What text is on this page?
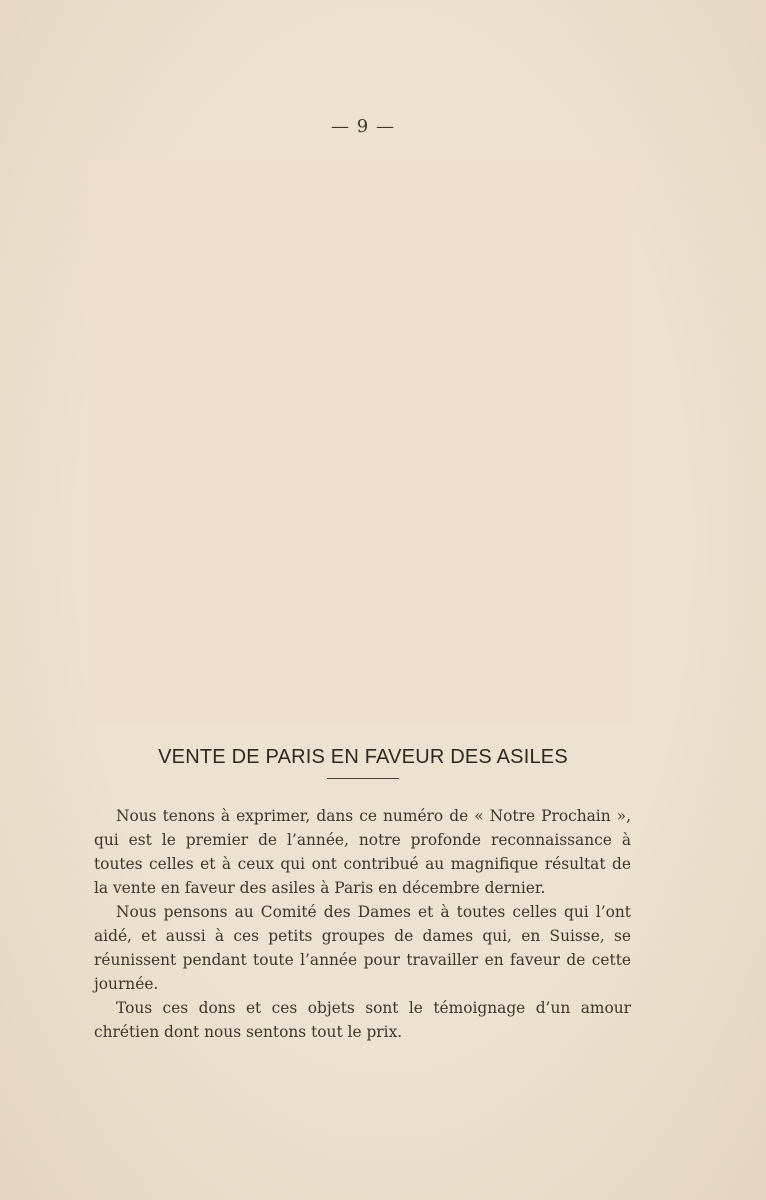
— 9 —
VENTE DE PARIS EN FAVEUR DES ASILES

Nous tenons à exprimer, dans ce numéro de « Notre Prochain », qui est le premier de l’année, notre profonde reconnaissance à toutes celles et à ceux qui ont contribué au magnifique résultat de la vente en faveur des asiles à Paris en décembre dernier.

Nous pensons au Comité des Dames et à toutes celles qui l’ont aidé, et aussi à ces petits groupes de dames qui, en Suisse, se réunissent pendant toute l’année pour travailler en faveur de cette journée.

Tous ces dons et ces objets sont le témoignage d’un amour chrétien dont nous sentons tout le prix.
